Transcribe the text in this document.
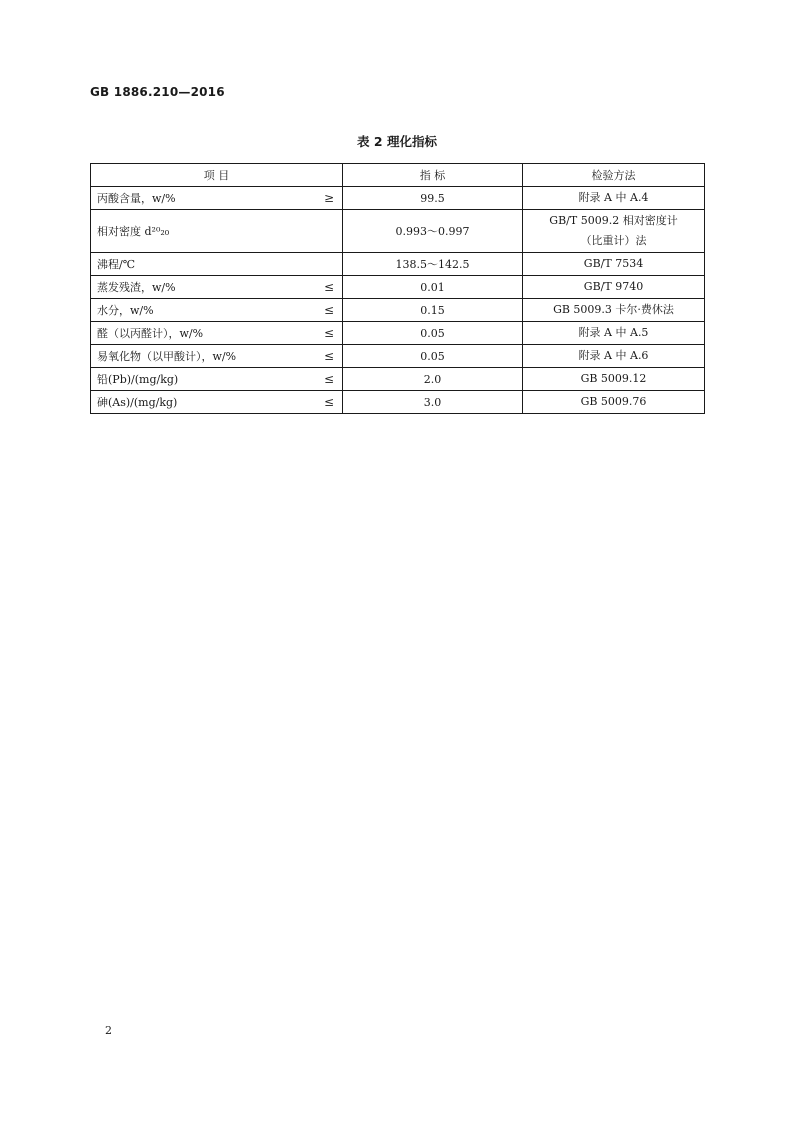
GB 1886.210—2016
表 2 理化指标
项 目	指 标	检验方法

丙酸含量，w/% ≥	99.5	附录 A 中 A.4

相对密度 d²⁰₂₀	0.993～0.997	GB/T 5009.2 相对密度计
（比重计）法

沸程/℃	138.5～142.5	GB/T 7534

蒸发残渣，w/% ≤	0.01	GB/T 9740

水分，w/% ≤	0.15	GB 5009.3 卡尔·费休法

醛（以丙醛计），w/% ≤	0.05	附录 A 中 A.5

易氧化物（以甲酸计），w/% ≤	0.05	附录 A 中 A.6

铅(Pb)/(mg/kg) ≤	2.0	GB 5009.12

砷(As)/(mg/kg) ≤	3.0	GB 5009.76
2
